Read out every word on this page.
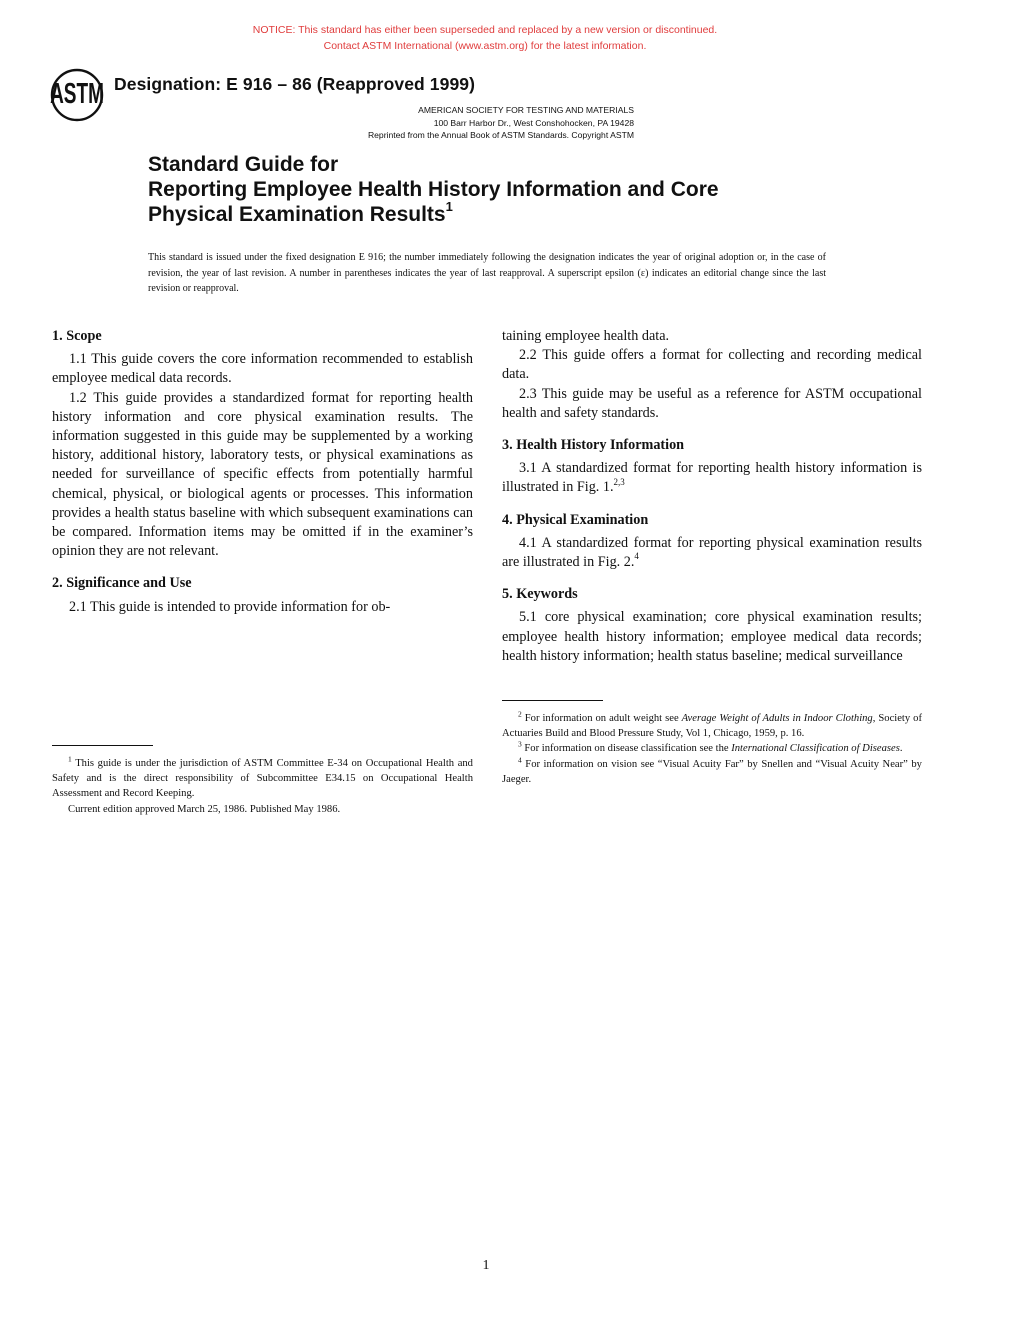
NOTICE: This standard has either been superseded and replaced by a new version or discontinued.
Contact ASTM International (www.astm.org) for the latest information.
ASTM Designation: E 916 – 86 (Reapproved 1999)
AMERICAN SOCIETY FOR TESTING AND MATERIALS
100 Barr Harbor Dr., West Conshohocken, PA 19428
Reprinted from the Annual Book of ASTM Standards. Copyright ASTM
Standard Guide for
Reporting Employee Health History Information and Core
Physical Examination Results$^1$
This standard is issued under the fixed designation E 916; the number immediately following the designation indicates the year of original adoption or, in the case of revision, the year of last revision. A number in parentheses indicates the year of last reapproval. A superscript epsilon (ε) indicates an editorial change since the last revision or reapproval.
1. Scope

1.1 This guide covers the core information recommended to establish employee medical data records.

1.2 This guide provides a standardized format for reporting health history information and core physical examination results. The information suggested in this guide may be supplemented by a working history, additional history, laboratory tests, or physical examinations as needed for surveillance of specific effects from potentially harmful chemical, physical, or biological agents or processes. This information provides a health status baseline with which subsequent examinations can be compared. Information items may be omitted if in the examiner’s opinion they are not relevant.

2. Significance and Use

2.1 This guide is intended to provide information for ob-

taining employee health data.

2.2 This guide offers a format for collecting and recording medical data.

2.3 This guide may be useful as a reference for ASTM occupational health and safety standards.

3. Health History Information

3.1 A standardized format for reporting health history information is illustrated in Fig. 1.$^{2,3}$

4. Physical Examination

4.1 A standardized format for reporting physical examination results are illustrated in Fig. 2.$^4$

5. Keywords

5.1 core physical examination; core physical examination results; employee health history information; employee medical data records; health history information; health status baseline; medical surveillance

$^1$ This guide is under the jurisdiction of ASTM Committee E-34 on Occupational Health and Safety and is the direct responsibility of Subcommittee E34.15 on Occupational Health Assessment and Record Keeping.

Current edition approved March 25, 1986. Published May 1986.

$^2$ For information on adult weight see Average Weight of Adults in Indoor Clothing, Society of Actuaries Build and Blood Pressure Study, Vol 1, Chicago, 1959, p. 16.

$^3$ For information on disease classification see the International Classification of Diseases.

$^4$ For information on vision see “Visual Acuity Far” by Snellen and “Visual Acuity Near” by Jaeger.

1
